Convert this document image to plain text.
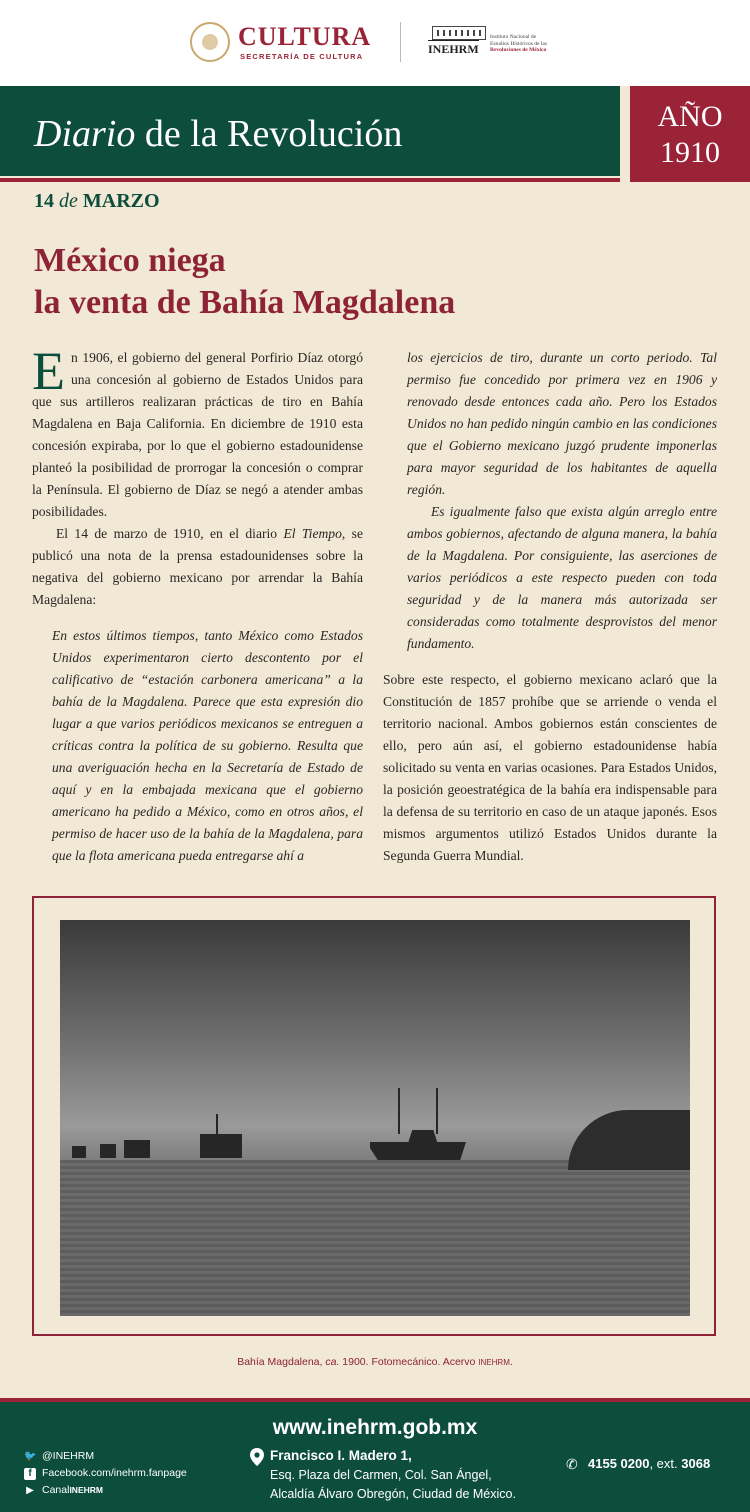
CULTURA
SECRETARÍA DE CULTURA
INEHRM
Instituto Nacional de
Estudios Históricos de las
Revoluciones de México
Diario de la Revolución	AÑO
1910
14 de MARZO
México niega
la venta de Bahía Magdalena

En 1906, el gobierno del general Porfirio Díaz otorgó una concesión al gobierno de Estados Unidos para que sus artilleros realizaran prácticas de tiro en Bahía Magdalena en Baja California. En diciembre de 1910 esta concesión expiraba, por lo que el gobierno estadounidense planteó la posibilidad de prorrogar la concesión o comprar la Península. El gobierno de Díaz se negó a atender ambas posibilidades.

El 14 de marzo de 1910, en el diario El Tiempo, se publicó una nota de la prensa estadounidenses sobre la negativa del gobierno mexicano por arrendar la Bahía Magdalena:

En estos últimos tiempos, tanto México como Estados Unidos experimentaron cierto descontento por el calificativo de “estación carbonera americana” a la bahía de la Magdalena. Parece que esta expresión dio lugar a que varios periódicos mexicanos se entreguen a críticas contra la política de su gobierno. Resulta que una averiguación hecha en la Secretaría de Estado de aquí y en la embajada mexicana que el gobierno americano ha pedido a México, como en otros años, el permiso de hacer uso de la bahía de la Magdalena, para que la flota americana pueda entregarse ahí a

los ejercicios de tiro, durante un corto periodo. Tal permiso fue concedido por primera vez en 1906 y renovado desde entonces cada año. Pero los Estados Unidos no han pedido ningún cambio en las condiciones que el Gobierno mexicano juzgó prudente imponerlas para mayor seguridad de los habitantes de aquella región.

Es igualmente falso que exista algún arreglo entre ambos gobiernos, afectando de alguna manera, la bahía de la Magdalena. Por consiguiente, las aserciones de varios periódicos a este respecto pueden con toda seguridad y de la manera más autorizada ser consideradas como totalmente desprovistos del menor fundamento.

Sobre este respecto, el gobierno mexicano aclaró que la Constitución de 1857 prohíbe que se arriende o venda el territorio nacional. Ambos gobiernos están conscientes de ello, pero aún así, el gobierno estadounidense había solicitado su venta en varias ocasiones. Para Estados Unidos, la posición geoestratégica de la bahía era indispensable para la defensa de su territorio en caso de un ataque japonés. Esos mismos argumentos utilizó Estados Unidos durante la Segunda Guerra Mundial.

Bahía Magdalena, ca. 1900. Fotomecánico. Acervo INEHRM.
www.inehrm.gob.mx
🐦 @INEHRM
f Facebook.com/inehrm.fanpage
▶ Canal INEHRM
Francisco I. Madero 1,
Esq. Plaza del Carmen, Col. San Ángel,
Alcaldía Álvaro Obregón, Ciudad de México.
✆ 4155 0200, ext. 3068
